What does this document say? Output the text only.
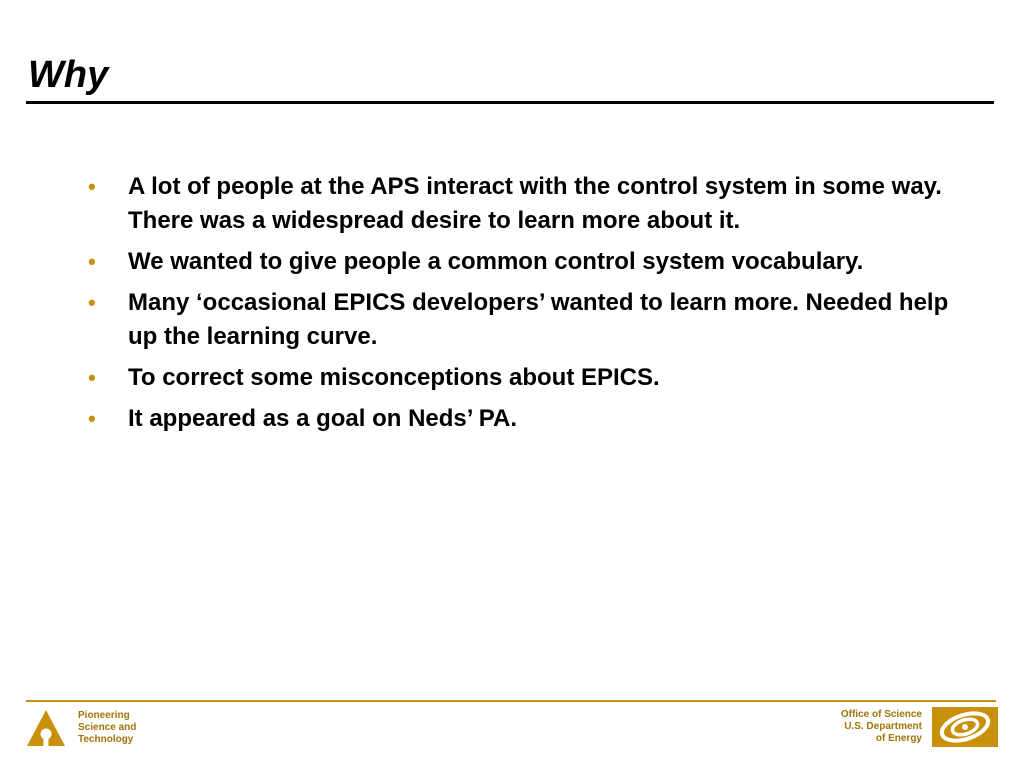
Why
•	A lot of people at the APS interact with the control system in some way. There was a widespread desire to learn more about it.
•	We wanted to give people a common control system vocabulary.
•	Many ‘occasional EPICS developers’ wanted to learn more. Needed help up the learning curve.
•	To correct some misconceptions about EPICS.
•	It appeared as a goal on Neds’ PA.
Pioneering
Science and
Technology
Office of Science
U.S. Department
of Energy
